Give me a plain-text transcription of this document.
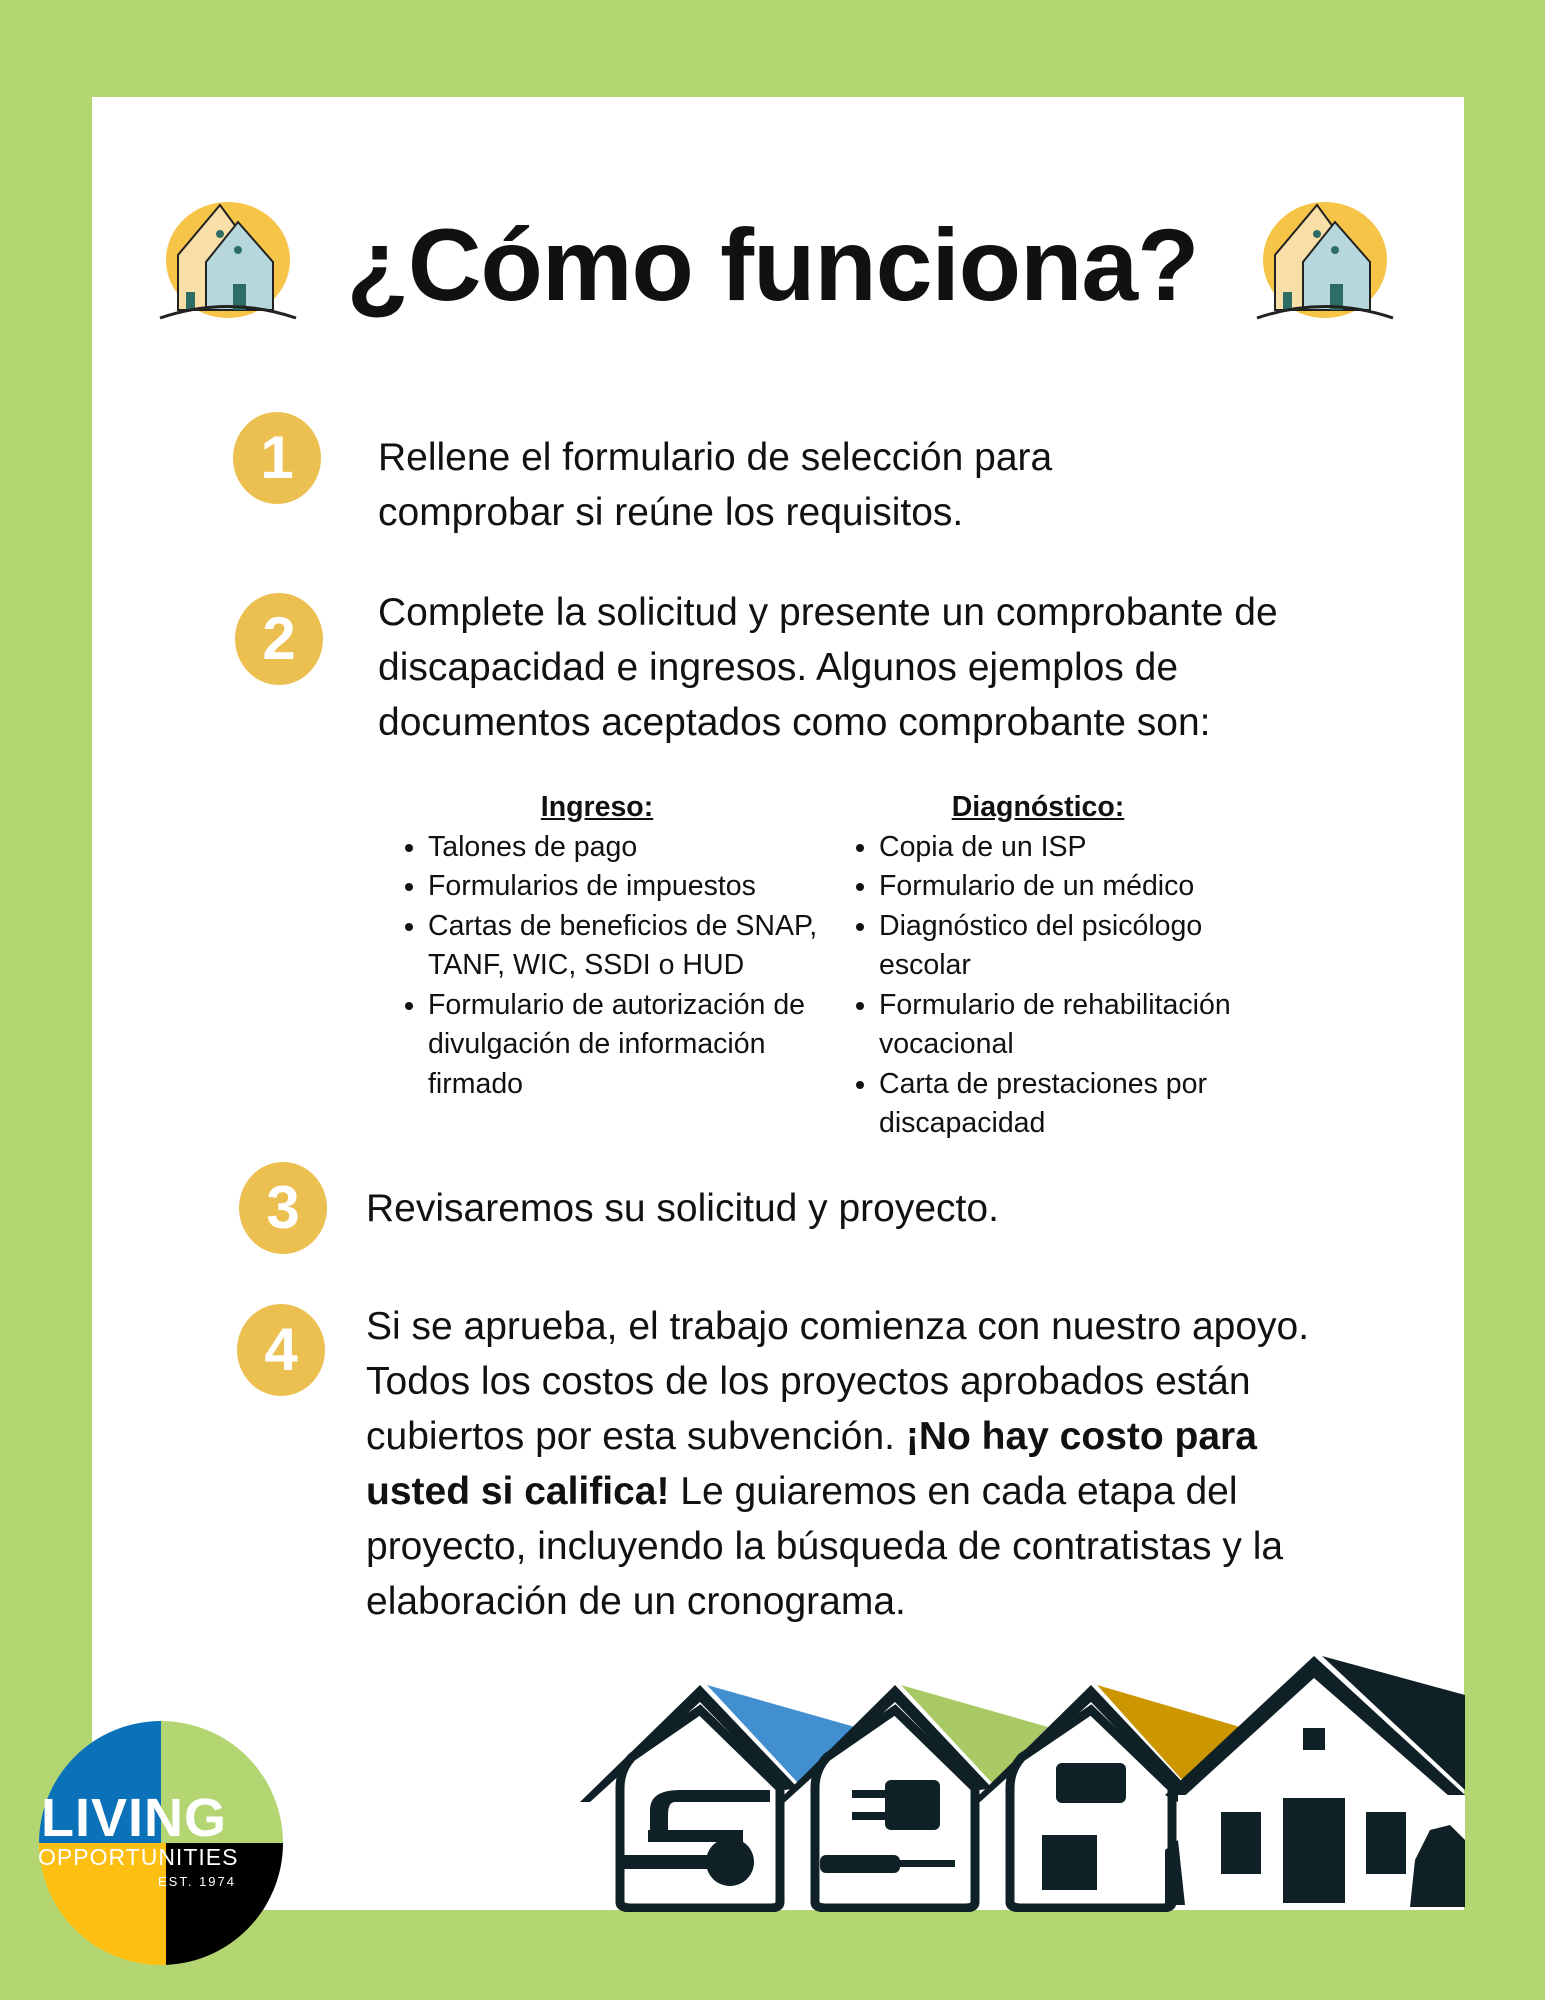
¿Cómo funciona?
1	Rellene el formulario de selección para comprobar si reúne los requisitos.
2	Complete la solicitud y presente un comprobante de discapacidad e ingresos. Algunos ejemplos de documentos aceptados como comprobante son:
Ingreso:
• Talones de pago
• Formularios de impuestos
• Cartas de beneficios de SNAP, TANF, WIC, SSDI o HUD
• Formulario de autorización de divulgación de información firmado
Diagnóstico:
• Copia de un ISP
• Formulario de un médico
• Diagnóstico del psicólogo escolar
• Formulario de rehabilitación vocacional
• Carta de prestaciones por discapacidad
3	Revisaremos su solicitud y proyecto.
4	Si se aprueba, el trabajo comienza con nuestro apoyo. Todos los costos de los proyectos aprobados están cubiertos por esta subvención. ¡No hay costo para usted si califica! Le guiaremos en cada etapa del proyecto, incluyendo la búsqueda de contratistas y la elaboración de un cronograma.
LIVING
OPPORTUNITIES
EST. 1974
